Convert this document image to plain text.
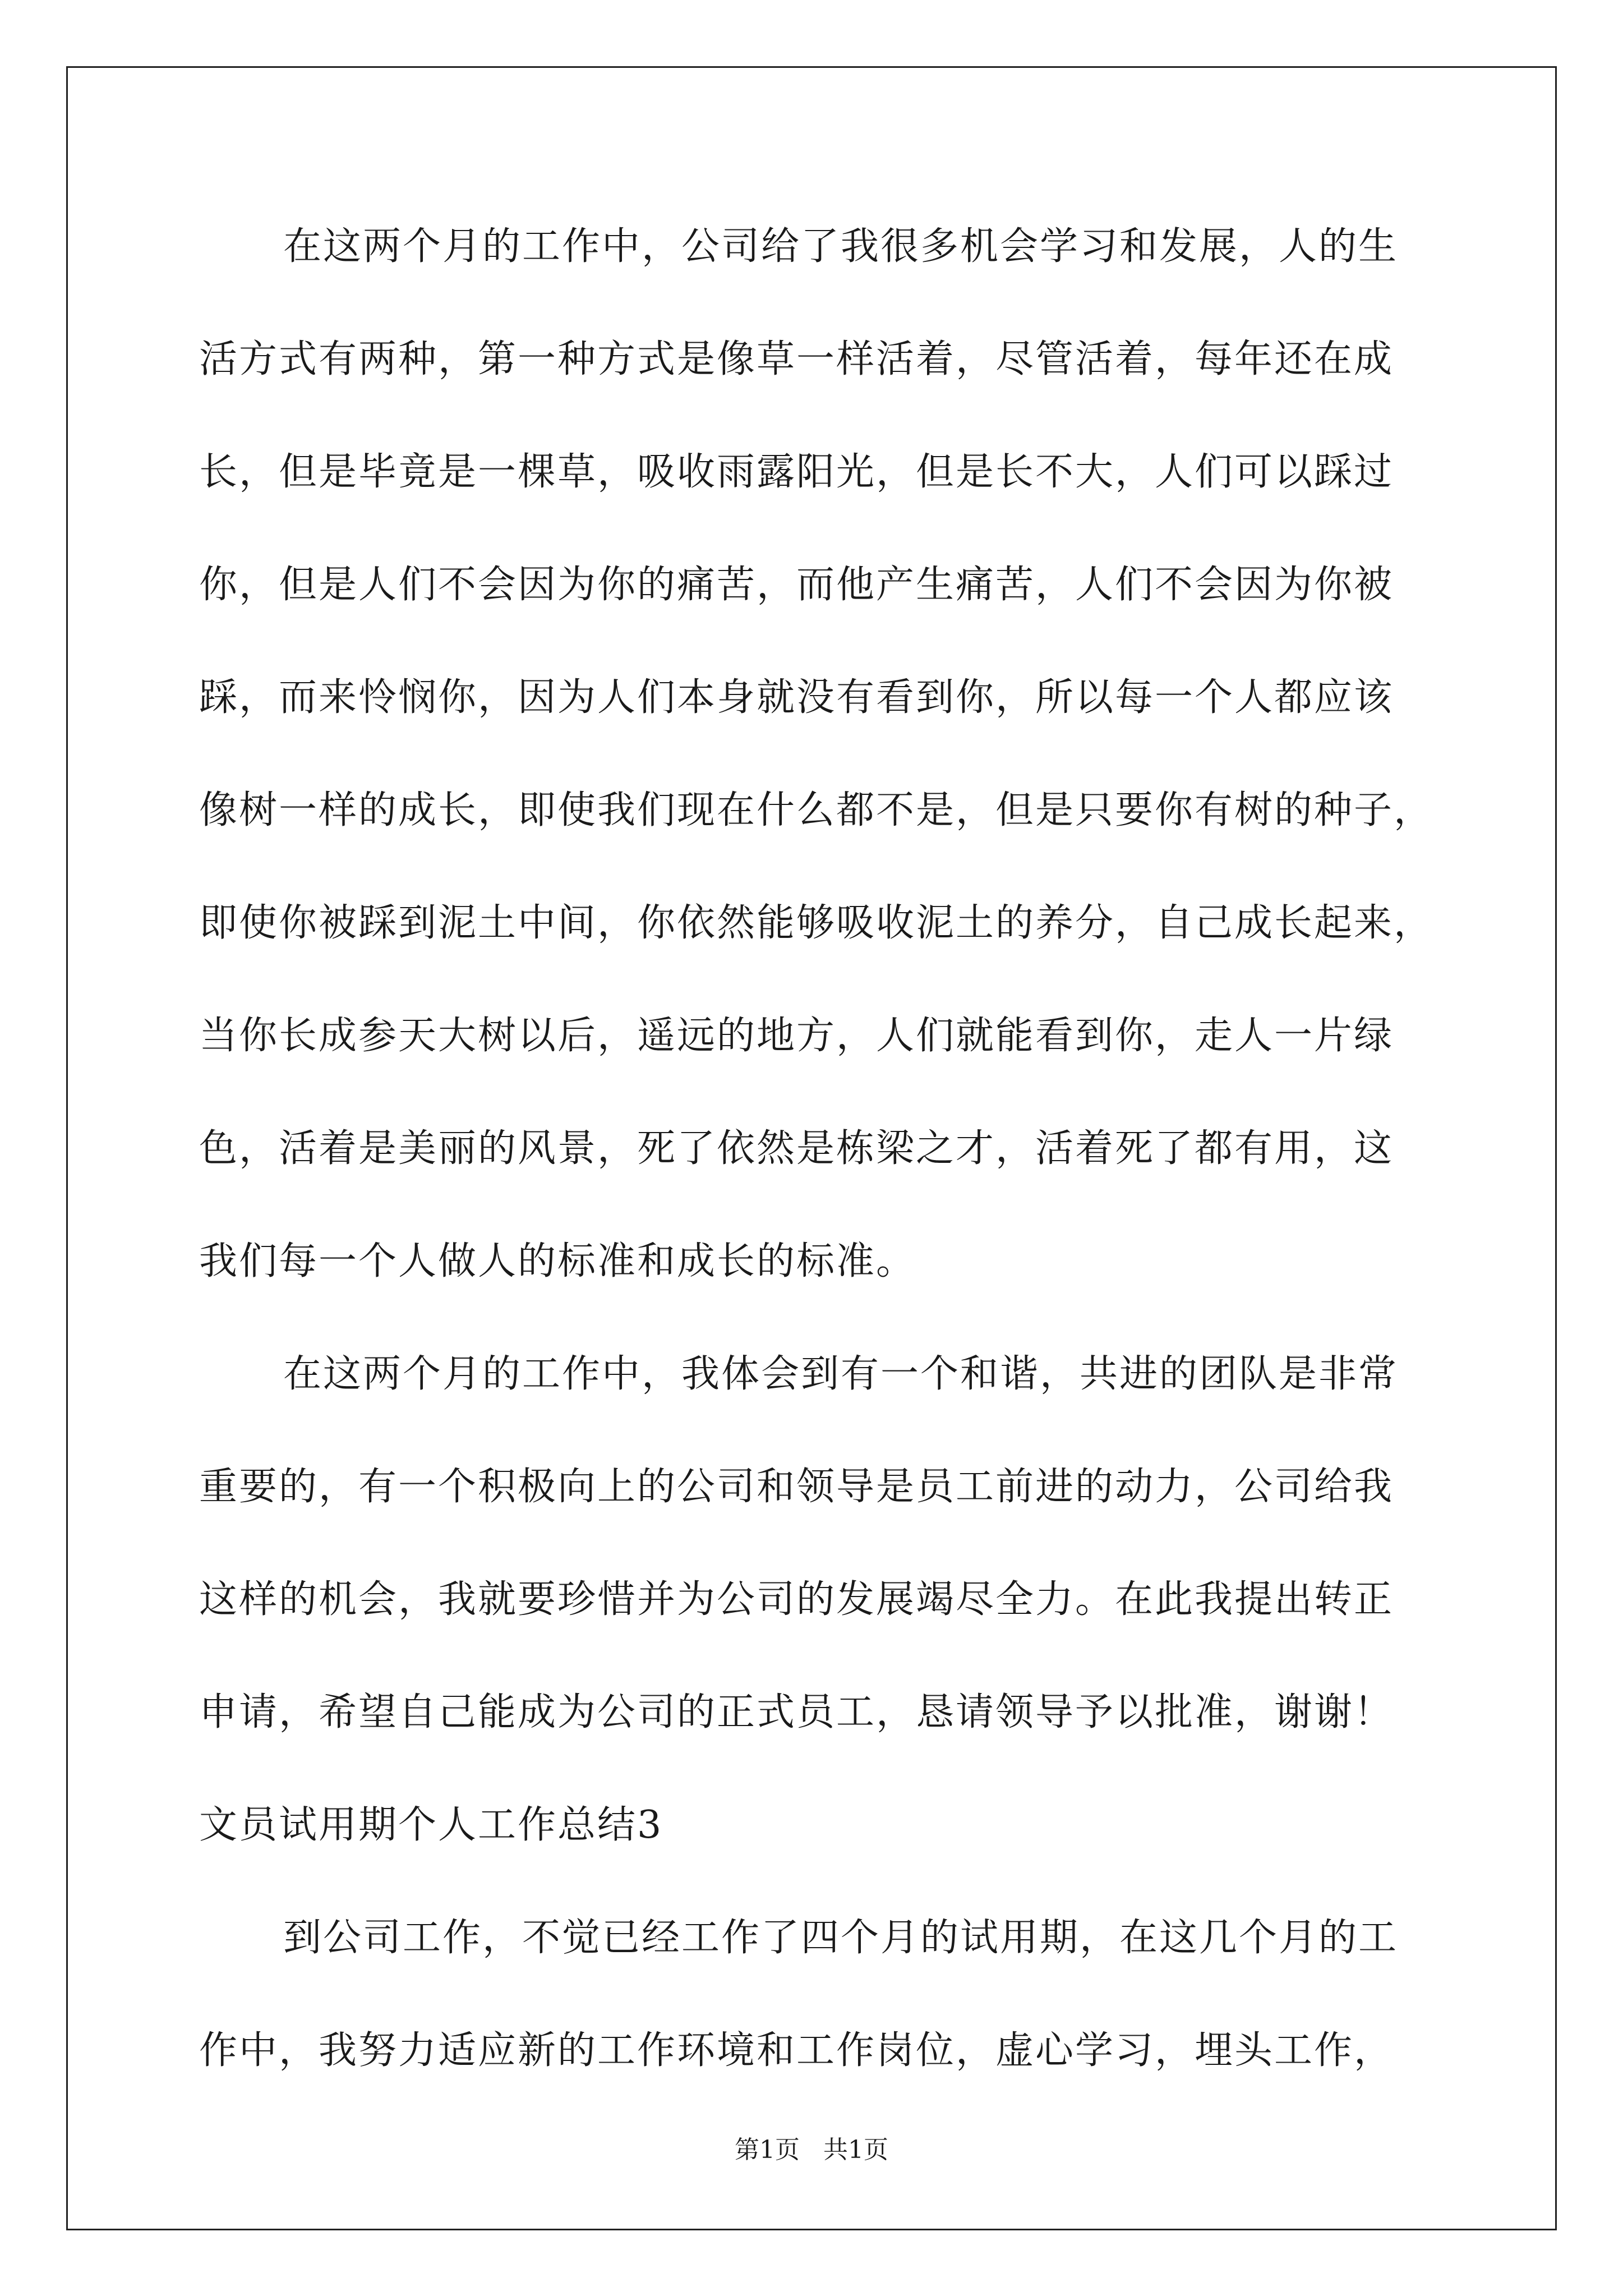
在这两个月的工作中，公司给了我很多机会学习和发展，人的生
活方式有两种，第一种方式是像草一样活着，尽管活着，每年还在成
长，但是毕竟是一棵草，吸收雨露阳光，但是长不大，人们可以踩过
你，但是人们不会因为你的痛苦，而他产生痛苦，人们不会因为你被
踩，而来怜悯你，因为人们本身就没有看到你，所以每一个人都应该
像树一样的成长，即使我们现在什么都不是，但是只要你有树的种子，
即使你被踩到泥土中间，你依然能够吸收泥土的养分，自己成长起来，
当你长成参天大树以后，遥远的地方，人们就能看到你，走人一片绿
色，活着是美丽的风景，死了依然是栋梁之才，活着死了都有用，这
我们每一个人做人的标准和成长的标准。
在这两个月的工作中，我体会到有一个和谐，共进的团队是非常
重要的，有一个积极向上的公司和领导是员工前进的动力，公司给我
这样的机会，我就要珍惜并为公司的发展竭尽全力。在此我提出转正
申请，希望自己能成为公司的正式员工，恳请领导予以批准，谢谢！
文员试用期个人工作总结3
到公司工作，不觉已经工作了四个月的试用期，在这几个月的工
作中，我努力适应新的工作环境和工作岗位，虚心学习，埋头工作，
第1页   共1页
